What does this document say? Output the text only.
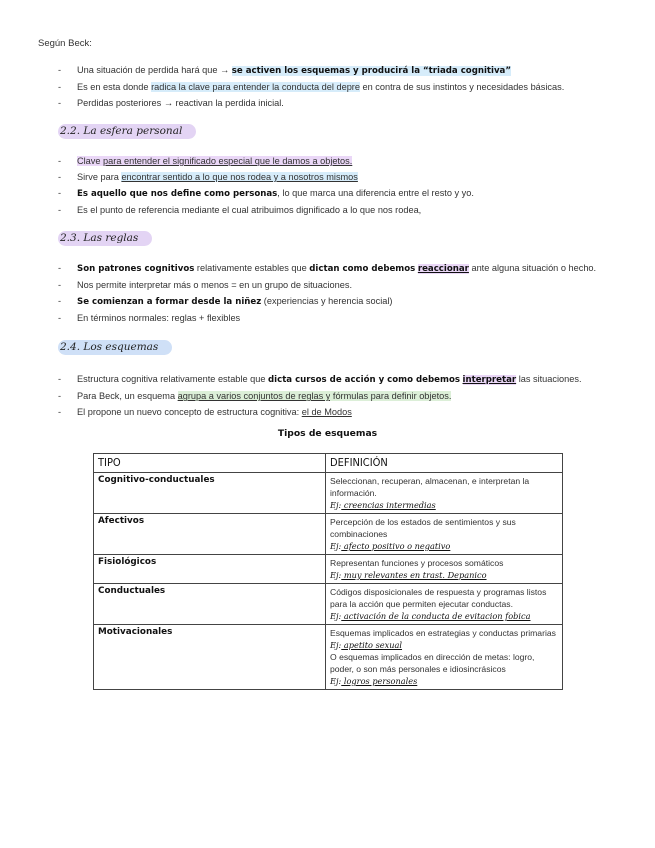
Según Beck:
- Una situación de perdida hará que → se activen los esquemas y producirá la “triada cognitiva”
- Es en esta donde radica la clave para entender la conducta del depre en contra de sus instintos y necesidades básicas.
- Perdidas posteriores → reactivan la perdida inicial.
2.2. La esfera personal
- Clave para entender el significado especial que le damos a objetos.
- Sirve para encontrar sentido a lo que nos rodea y a nosotros mismos
- Es aquello que nos define como personas, lo que marca una diferencia entre el resto y yo.
- Es el punto de referencia mediante el cual atribuimos dignificado a lo que nos rodea,
2.3. Las reglas
- Son patrones cognitivos relativamente estables que dictan como debemos reaccionar ante alguna situación o hecho.
- Nos permite interpretar más o menos = en un grupo de situaciones.
- Se comienzan a formar desde la niñez (experiencias y herencia social)
- En términos normales: reglas + flexibles
2.4. Los esquemas
- Estructura cognitiva relativamente estable que dicta cursos de acción y como debemos interpretar las situaciones.
- Para Beck, un esquema agrupa a varios conjuntos de reglas y fórmulas para definir objetos.
- El propone un nuevo concepto de estructura cognitiva: el de Modos
Tipos de esquemas
TIPO	DEFINICIÓN
Cognitivo-conductuales	Seleccionan, recuperan, almacenan, e interpretan la información.
Ej: creencias intermedias

Afectivos	Percepción de los estados de sentimientos y sus combinaciones
Ej: afecto positivo o negativo

Fisiológicos	Representan funciones y procesos somáticos
Ej: muy relevantes en trast. Depanico

Conductuales	Códigos disposicionales de respuesta y programas listos para la acción que permiten ejecutar conductas.
Ej: activación de la conducta de evitacion fobica

Motivacionales	Esquemas implicados en estrategias y conductas primarias
Ej: apetito sexual
O esquemas implicados en dirección de metas: logro, poder, o son más personales e idiosincrásicos
Ej: logros personales
